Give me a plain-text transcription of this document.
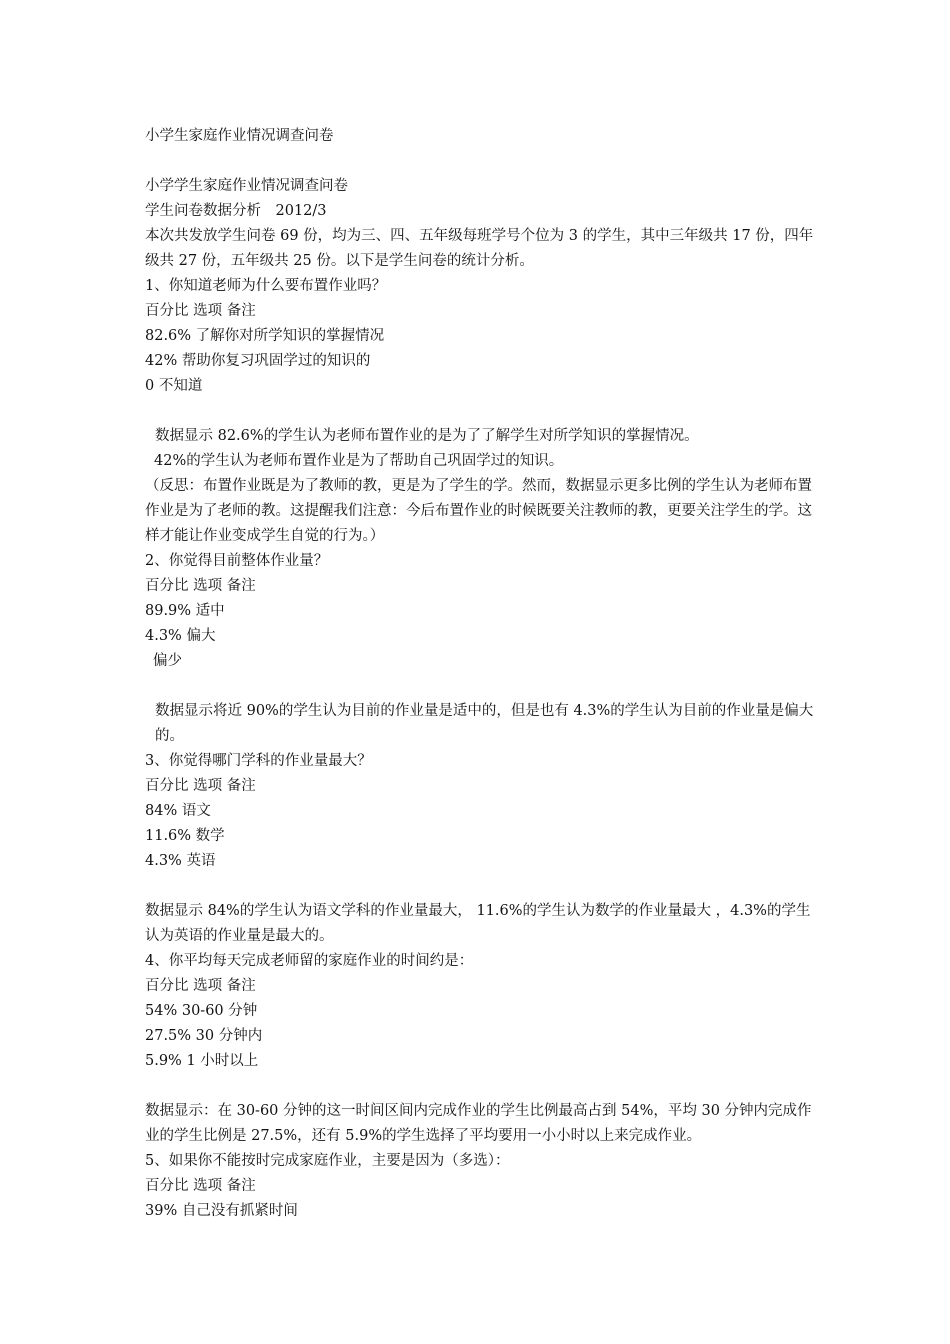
小学生家庭作业情况调查问卷
小学学生家庭作业情况调查问卷
学生问卷数据分析　2012/3
本次共发放学生问卷 69 份，均为三、四、五年级每班学号个位为 3 的学生，其中三年级共 17 份，四年级共 27 份，五年级共 25 份。以下是学生问卷的统计分析。
1、你知道老师为什么要布置作业吗？
百分比 选项 备注
82.6% 了解你对所学知识的掌握情况
42% 帮助你复习巩固学过的知识的
0 不知道
数据显示 82.6%的学生认为老师布置作业的是为了了解学生对所学知识的掌握情况。
42%的学生认为老师布置作业是为了帮助自己巩固学过的知识。
（反思：布置作业既是为了教师的教，更是为了学生的学。然而，数据显示更多比例的学生认为老师布置作业是为了老师的教。这提醒我们注意：今后布置作业的时候既要关注教师的教，更要关注学生的学。这样才能让作业变成学生自觉的行为。）
2、你觉得目前整体作业量？
百分比 选项 备注
89.9% 适中
4.3% 偏大
偏少
数据显示将近 90%的学生认为目前的作业量是适中的，但是也有 4.3%的学生认为目前的作业量是偏大的。
3、你觉得哪门学科的作业量最大？
百分比 选项 备注
84% 语文
11.6% 数学
4.3% 英语
数据显示 84%的学生认为语文学科的作业量最大， 11.6%的学生认为数学的作业量最大 ，4.3%的学生认为英语的作业量是最大的。
4、你平均每天完成老师留的家庭作业的时间约是：
百分比 选项 备注
54% 30-60 分钟
27.5% 30 分钟内
5.9% 1 小时以上
数据显示：在 30-60 分钟的这一时间区间内完成作业的学生比例最高占到 54%，平均 30 分钟内完成作业的学生比例是 27.5%，还有 5.9%的学生选择了平均要用一小小时以上来完成作业。
5、如果你不能按时完成家庭作业，主要是因为（多选）：
百分比 选项 备注
39% 自己没有抓紧时间
